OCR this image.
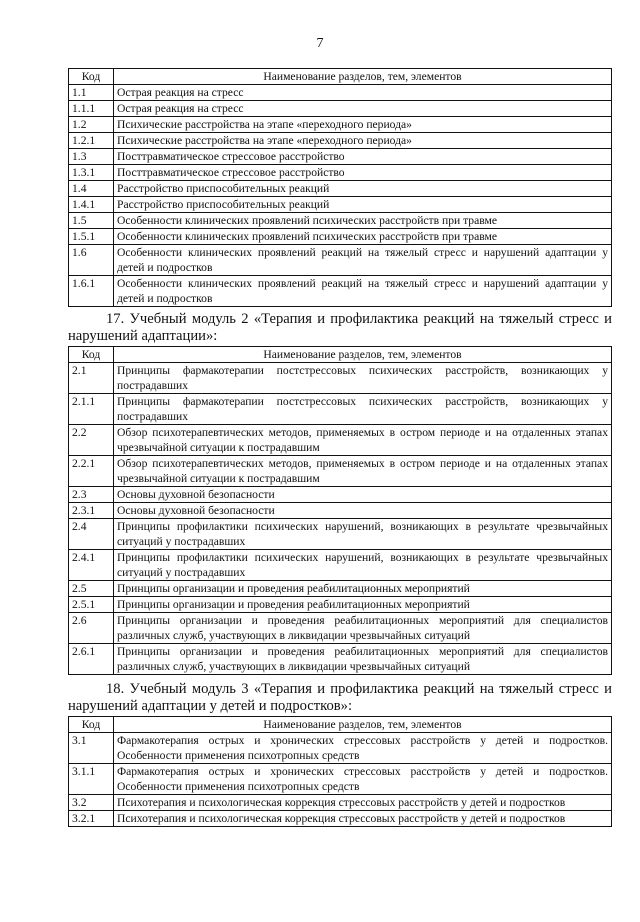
7
Код	Наименование разделов, тем, элементов
1.1	Острая реакция на стресс
1.1.1	Острая реакция на стресс
1.2	Психические расстройства на этапе «переходного периода»
1.2.1	Психические расстройства на этапе «переходного периода»
1.3	Посттравматическое стрессовое расстройство
1.3.1	Посттравматическое стрессовое расстройство
1.4	Расстройство приспособительных реакций
1.4.1	Расстройство приспособительных реакций
1.5	Особенности клинических проявлений психических расстройств при травме
1.5.1	Особенности клинических проявлений психических расстройств при травме
1.6	Особенности клинических проявлений реакций на тяжелый стресс и нарушений адаптации у детей и подростков
1.6.1	Особенности клинических проявлений реакций на тяжелый стресс и нарушений адаптации у детей и подростков
17. Учебный модуль 2 «Терапия и профилактика реакций на тяжелый стресс и нарушений адаптации»:
Код	Наименование разделов, тем, элементов
2.1	Принципы фармакотерапии постстрессовых психических расстройств, возникающих у пострадавших
2.1.1	Принципы фармакотерапии постстрессовых психических расстройств, возникающих у пострадавших
2.2	Обзор психотерапевтических методов, применяемых в остром периоде и на отдаленных этапах чрезвычайной ситуации к пострадавшим
2.2.1	Обзор психотерапевтических методов, применяемых в остром периоде и на отдаленных этапах чрезвычайной ситуации к пострадавшим
2.3	Основы духовной безопасности
2.3.1	Основы духовной безопасности
2.4	Принципы профилактики психических нарушений, возникающих в результате чрезвычайных ситуаций у пострадавших
2.4.1	Принципы профилактики психических нарушений, возникающих в результате чрезвычайных ситуаций у пострадавших
2.5	Принципы организации и проведения реабилитационных мероприятий
2.5.1	Принципы организации и проведения реабилитационных мероприятий
2.6	Принципы организации и проведения реабилитационных мероприятий для специалистов различных служб, участвующих в ликвидации чрезвычайных ситуаций
2.6.1	Принципы организации и проведения реабилитационных мероприятий для специалистов различных служб, участвующих в ликвидации чрезвычайных ситуаций
18. Учебный модуль 3 «Терапия и профилактика реакций на тяжелый стресс и нарушений адаптации у детей и подростков»:
Код	Наименование разделов, тем, элементов
3.1	Фармакотерапия острых и хронических стрессовых расстройств у детей и подростков. Особенности применения психотропных средств
3.1.1	Фармакотерапия острых и хронических стрессовых расстройств у детей и подростков. Особенности применения психотропных средств
3.2	Психотерапия и психологическая коррекция стрессовых расстройств у детей и подростков
3.2.1	Психотерапия и психологическая коррекция стрессовых расстройств у детей и подростков
